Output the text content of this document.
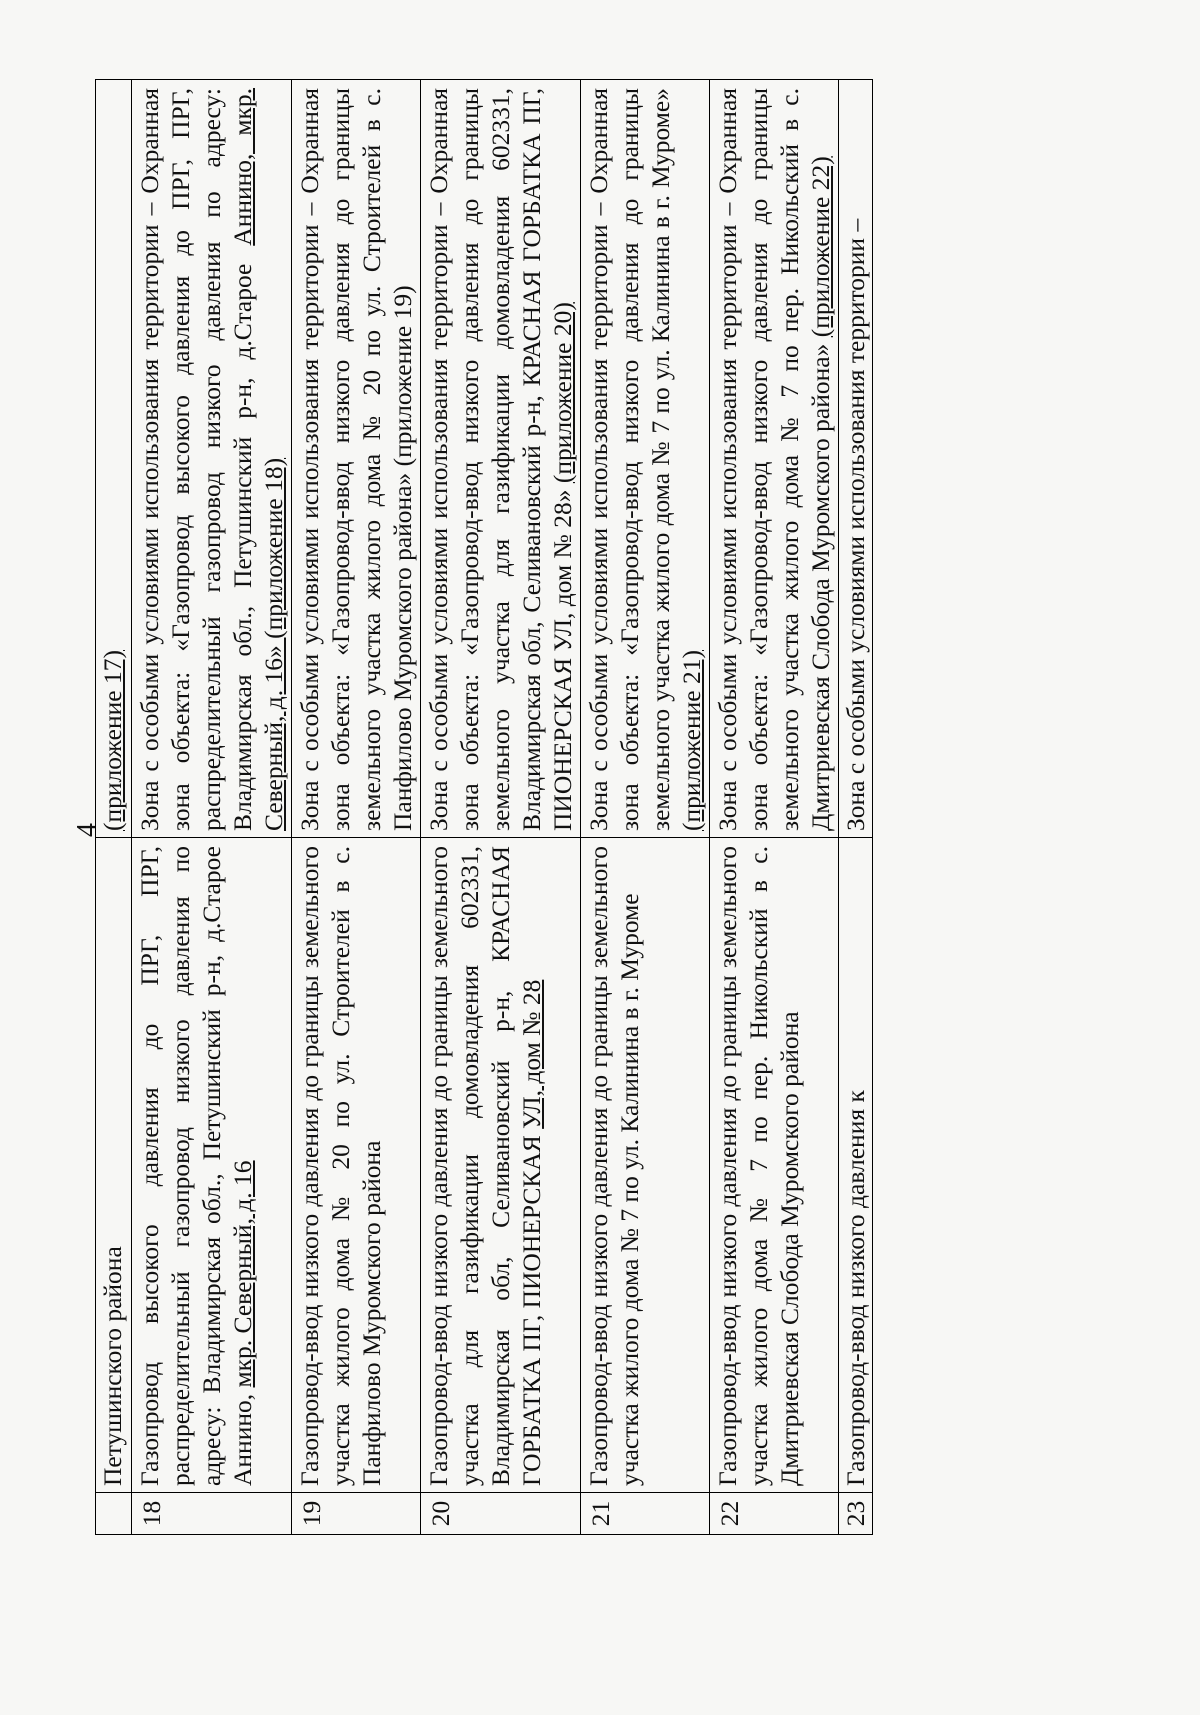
4
	Петушинского района	(приложение 17)
18	Газопровод высокого давления до ПРГ, ПРГ, распределительный газопровод низкого давления по адресу: Владимирская обл., Петушинский р-н, д.Старое Аннино, мкр. Северный, д. 16	Зона с особыми условиями использования территории – Охранная зона объекта: «Газопровод высокого давления до ПРГ, ПРГ, распределительный газопровод низкого давления по адресу: Владимирская обл., Петушинский р-н, д.Старое Аннино, мкр. Северный, д. 16» (приложение 18)
19	Газопровод-ввод низкого давления до границы земельного участка жилого дома № 20 по ул. Строителей в с. Панфилово Муромского района	Зона с особыми условиями использования территории – Охранная зона объекта: «Газопровод-ввод низкого давления до границы земельного участка жилого дома № 20 по ул. Строителей в с. Панфилово Муромского района» (приложение 19)
20	Газопровод-ввод низкого давления до границы земельного участка для газификации домовладения 602331, Владимирская обл, Селивановский р-н, КРАСНАЯ ГОРБАТКА ПГ, ПИОНЕРСКАЯ УЛ, дом № 28	Зона с особыми условиями использования территории – Охранная зона объекта: «Газопровод-ввод низкого давления до границы земельного участка для газификации домовладения 602331, Владимирская обл, Селивановский р-н, КРАСНАЯ ГОРБАТКА ПГ, ПИОНЕРСКАЯ УЛ, дом № 28» (приложение 20)
21	Газопровод-ввод низкого давления до границы земельного участка жилого дома № 7 по ул. Калинина в г. Муроме	Зона с особыми условиями использования территории – Охранная зона объекта: «Газопровод-ввод низкого давления до границы земельного участка жилого дома № 7 по ул. Калинина в г. Муроме» (приложение 21)
22	Газопровод-ввод низкого давления до границы земельного участка жилого дома № 7 по пер. Никольский в с. Дмитриевская Слобода Муромского района	Зона с особыми условиями использования территории – Охранная зона объекта: «Газопровод-ввод низкого давления до границы земельного участка жилого дома № 7 по пер. Никольский в с. Дмитриевская Слобода Муромского района» (приложение 22)
23	Газопровод-ввод низкого давления к	Зона с особыми условиями использования территории –
